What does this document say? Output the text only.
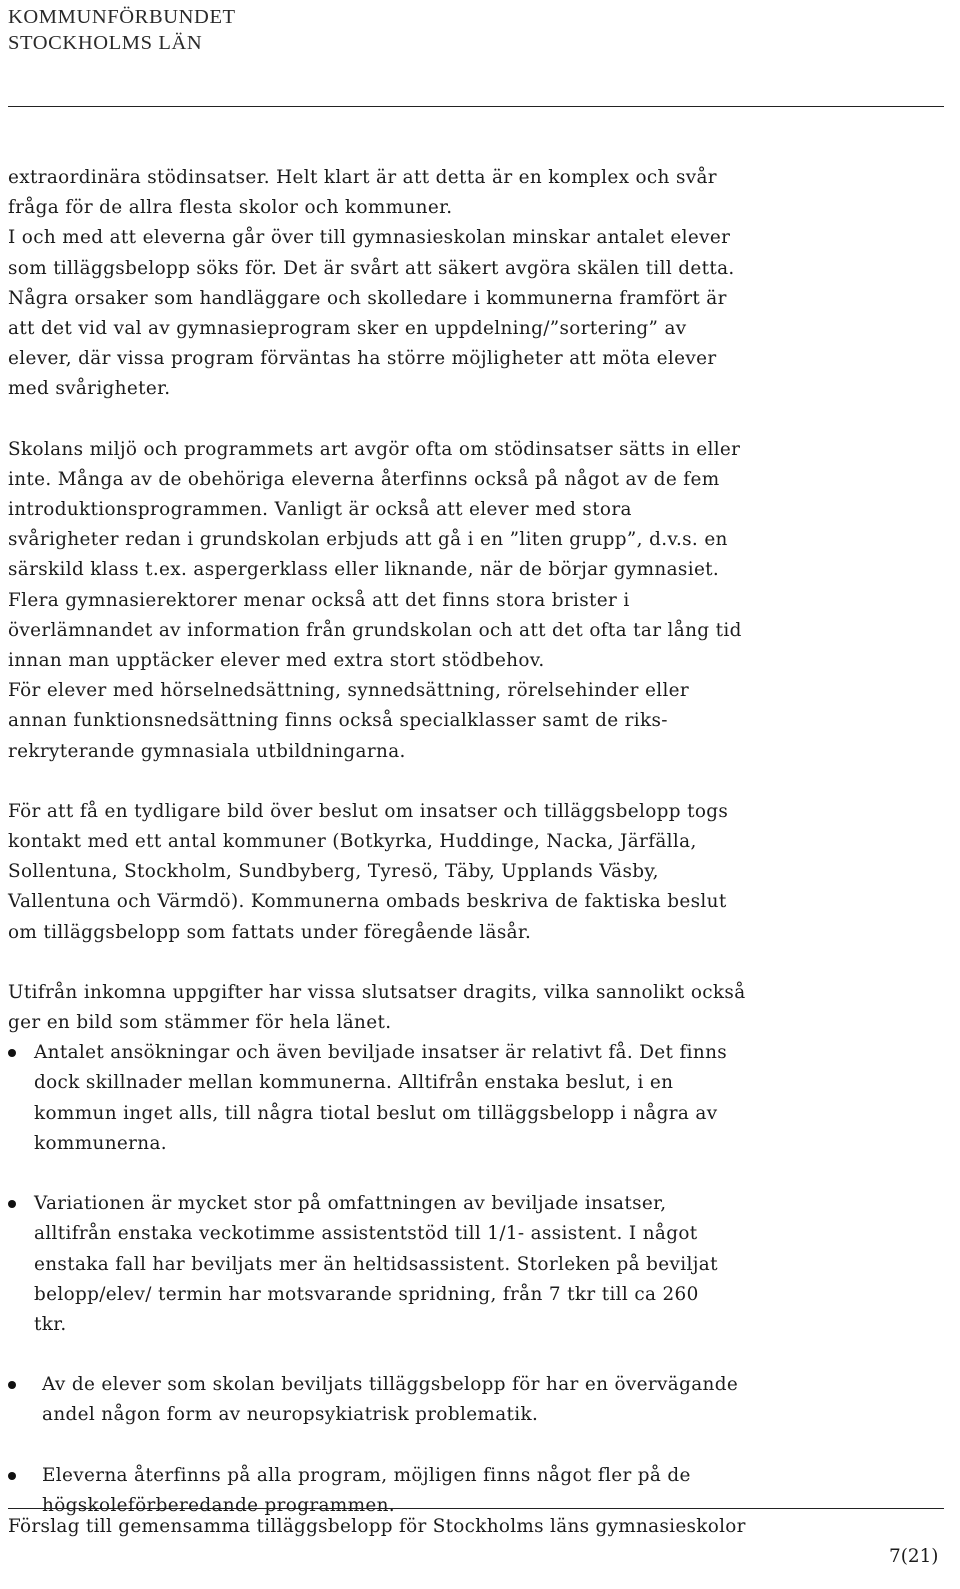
KOMMUNFÖRBUNDET
STOCKHOLMS LÄN

extraordinära stödinsatser. Helt klart är att detta är en komplex och svår

fråga för de allra flesta skolor och kommuner.

I och med att eleverna går över till gymnasieskolan minskar antalet elever

som tilläggsbelopp söks för. Det är svårt att säkert avgöra skälen till detta.

Några orsaker som handläggare och skolledare i kommunerna framfört är

att det vid val av gymnasieprogram sker en uppdelning/”sortering” av

elever, där vissa program förväntas ha större möjligheter att möta elever

med svårigheter.

Skolans miljö och programmets art avgör ofta om stödinsatser sätts in eller

inte. Många av de obehöriga eleverna återfinns också på något av de fem

introduktionsprogrammen. Vanligt är också att elever med stora

svårigheter redan i grundskolan erbjuds att gå i en ”liten grupp”, d.v.s. en

särskild klass t.ex. aspergerklass eller liknande, när de börjar gymnasiet.

Flera gymnasierektorer menar också att det finns stora brister i

överlämnandet av information från grundskolan och att det ofta tar lång tid

innan man upptäcker elever med extra stort stödbehov.

För elever med hörselnedsättning, synnedsättning, rörelsehinder eller

annan funktionsnedsättning finns också specialklasser samt de riks-

rekryterande gymnasiala utbildningarna.

För att få en tydligare bild över beslut om insatser och tilläggsbelopp togs

kontakt med ett antal kommuner (Botkyrka, Huddinge, Nacka, Järfälla,

Sollentuna, Stockholm, Sundbyberg, Tyresö, Täby, Upplands Väsby,

Vallentuna och Värmdö). Kommunerna ombads beskriva de faktiska beslut

om tilläggsbelopp som fattats under föregående läsår.

Utifrån inkomna uppgifter har vissa slutsatser dragits, vilka sannolikt också

ger en bild som stämmer för hela länet.

Antalet ansökningar och även beviljade insatser är relativt få. Det finns

dock skillnader mellan kommunerna. Alltifrån enstaka beslut, i en

kommun inget alls, till några tiotal beslut om tilläggsbelopp i några av

kommunerna.

Variationen är mycket stor på omfattningen av beviljade insatser,

alltifrån enstaka veckotimme assistentstöd till 1/1- assistent. I något

enstaka fall har beviljats mer än heltidsassistent. Storleken på beviljat

belopp/elev/ termin har motsvarande spridning, från 7 tkr till ca 260

tkr.

Av de elever som skolan beviljats tilläggsbelopp för har en övervägande

andel någon form av neuropsykiatrisk problematik.

Eleverna återfinns på alla program, möjligen finns något fler på de

högskoleförberedande programmen.

Förslag till gemensamma tilläggsbelopp för Stockholms läns gymnasieskolor
7(21)
